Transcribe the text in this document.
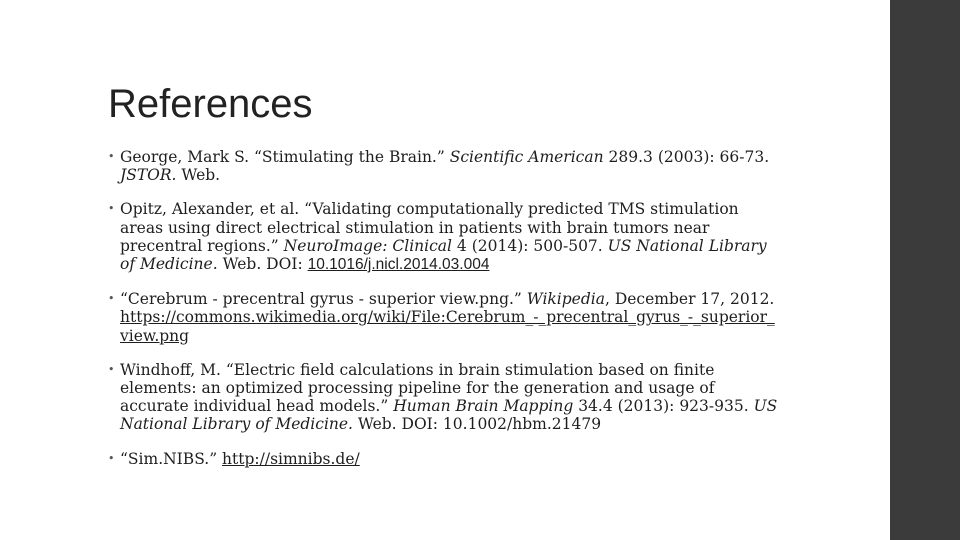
References
• George, Mark S. “Stimulating the Brain.” Scientific American 289.3 (2003): 66-73. JSTOR. Web.
• Opitz, Alexander, et al. “Validating computationally predicted TMS stimulation areas using direct electrical stimulation in patients with brain tumors near precentral regions.” NeuroImage: Clinical 4 (2014): 500-507. US National Library of Medicine. Web. DOI: 10.1016/j.nicl.2014.03.004
• “Cerebrum - precentral gyrus - superior view.png.” Wikipedia, December 17, 2012. https://commons.wikimedia.org/wiki/File:Cerebrum_-_precentral_gyrus_-_superior_view.png
• Windhoff, M. “Electric field calculations in brain stimulation based on finite elements: an optimized processing pipeline for the generation and usage of accurate individual head models.” Human Brain Mapping 34.4 (2013): 923-935. US National Library of Medicine. Web. DOI: 10.1002/hbm.21479
• “Sim.NIBS.” http://simnibs.de/
